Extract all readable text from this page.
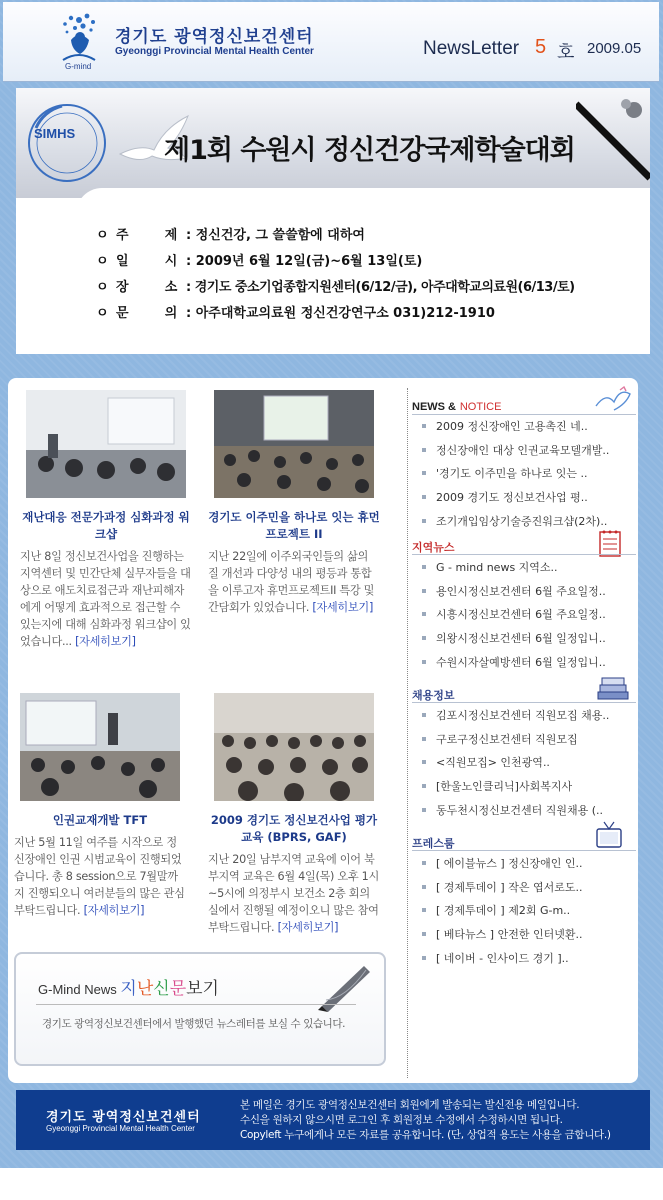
G-mind
경기도 광역정신보건센터
Gyeonggi Provincial Mental Health Center	NewsLetter 5 호 2009.05
SIMHS
제1회 수원시 정신건강국제학술대회
ㅇ 주        제 : 정신건강, 그 쓸쓸함에 대하여
ㅇ 일        시 : 2009년 6월 12일(금)~6월 13일(토)
ㅇ 장        소 : 경기도 중소기업종합지원센터(6/12/금), 아주대학교의료원(6/13/토)
ㅇ 문        의 : 아주대학교의료원 정신건강연구소 031)212-1910
재난대응 전문가과정 심화과정 워크샵
지난 8일 정신보건사업을 진행하는 지역센터 및 민간단체 실무자들을 대상으로 애도치료접근과 재난피해자에게 어떻게 효과적으로 접근할 수 있는지에 대해 심화과정 워크샵이 있었습니다... [자세히보기]
경기도 이주민을 하나로 잇는 휴먼 프로젝트 II
지난 22일에 이주외국인들의 삶의 질 개선과 다양성 내의 평등과 통합을 이루고자 휴먼프로젝트II 특강 및 간담회가 있었습니다. [자세히보기]
인권교재개발 TFT
지난 5월 11일 여주를 시작으로 정신장애인 인권 시범교육이 진행되었습니다. 총 8 session으로 7월말까지 진행되오니 여러분들의 많은 관심 부탁드립니다. [자세히보기]
2009 경기도 정신보건사업 평가교육 (BPRS, GAF)
지난 20일 남부지역 교육에 이어 북부지역 교육은 6월 4일(목) 오후 1시~5시에 의정부시 보건소 2층 회의실에서 진행될 예정이오니 많은 참여 부탁드립니다. [자세히보기]
NEWS & NOTICE
2009 정신장애인 고용촉진 네..
정신장애인 대상 인권교육모델개발..
'경기도 이주민을 하나로 잇는 ..
2009 경기도 정신보건사업 평..
조기개입임상기술증진워크샵(2차)..
지역뉴스
G - mind news 지역소..
용인시정신보건센터 6월 주요일정..
시흥시정신보건센터 6월 주요일정..
의왕시정신보건센터 6월 일정입니..
수원시자살예방센터 6월 일정입니..
채용정보
김포시정신보건센터 직원모집 채용..
구로구정신보건센터 직원모집
<직원모집> 인천광역..
[한울노인클리닉]사회복지사
동두천시정신보건센터 직원채용 (..
프레스룸
[ 에이블뉴스 ] 정신장애인 인..
[ 경제투데이 ] 작은 엽서로도..
[ 경제투데이 ] 제2회 G-m..
[ 베타뉴스 ] 안전한 인터넷환..
[ 네이버 - 인사이드 경기 ]..
G-Mind News 지난신문보기
경기도 광역정신보건센터에서 발행했던 뉴스레터를 보실 수 있습니다.
경기도 광역정신보건센터
Gyeonggi Provincial Mental Health Center
본 메일은 경기도 광역정신보건센터 회원에게 발송되는 발신전용 메일입니다.
수신을 원하지 않으시면 로그인 후 회원정보 수정에서 수정하시면 됩니다.
Copyleft 누구에게나 모든 자료를 공유합니다. (단, 상업적 용도는 사용을 금합니다.)
